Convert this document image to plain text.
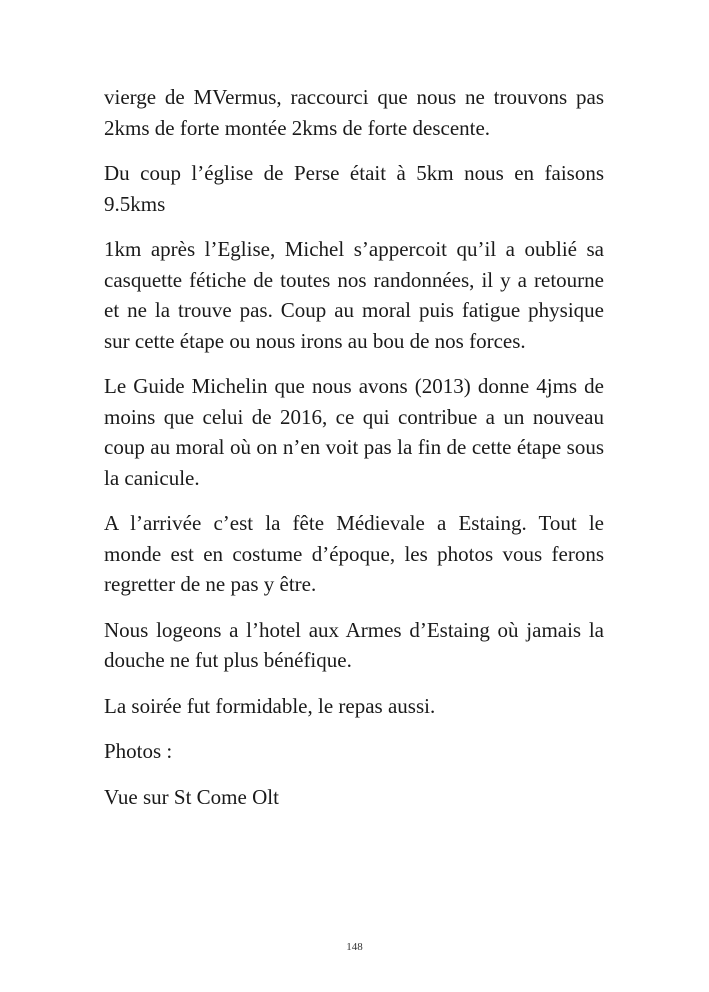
vierge de MVermus, raccourci que nous ne trouvons pas 2kms de forte montée 2kms de forte descente.

Du coup l’église de Perse était à 5km nous en faisons 9.5kms

1km après l’Eglise, Michel s’appercoit qu’il a oublié sa casquette fétiche de toutes nos randonnées, il y a retourne et ne la trouve pas. Coup au moral puis fatigue physique sur cette étape ou nous irons au bou de nos forces.

Le Guide Michelin que nous avons (2013) donne 4jms de moins que celui de 2016, ce qui contribue a un nouveau coup au moral où on n’en voit pas la fin de cette étape sous la canicule.

A l’arrivée c’est la fête Médievale a Estaing. Tout le monde est en costume d’époque, les photos vous ferons regretter de ne pas y être.

Nous logeons a l’hotel aux Armes d’Estaing où jamais la douche ne fut plus bénéfique.

La soirée fut formidable, le repas aussi.

Photos :

Vue sur St Come Olt

148
